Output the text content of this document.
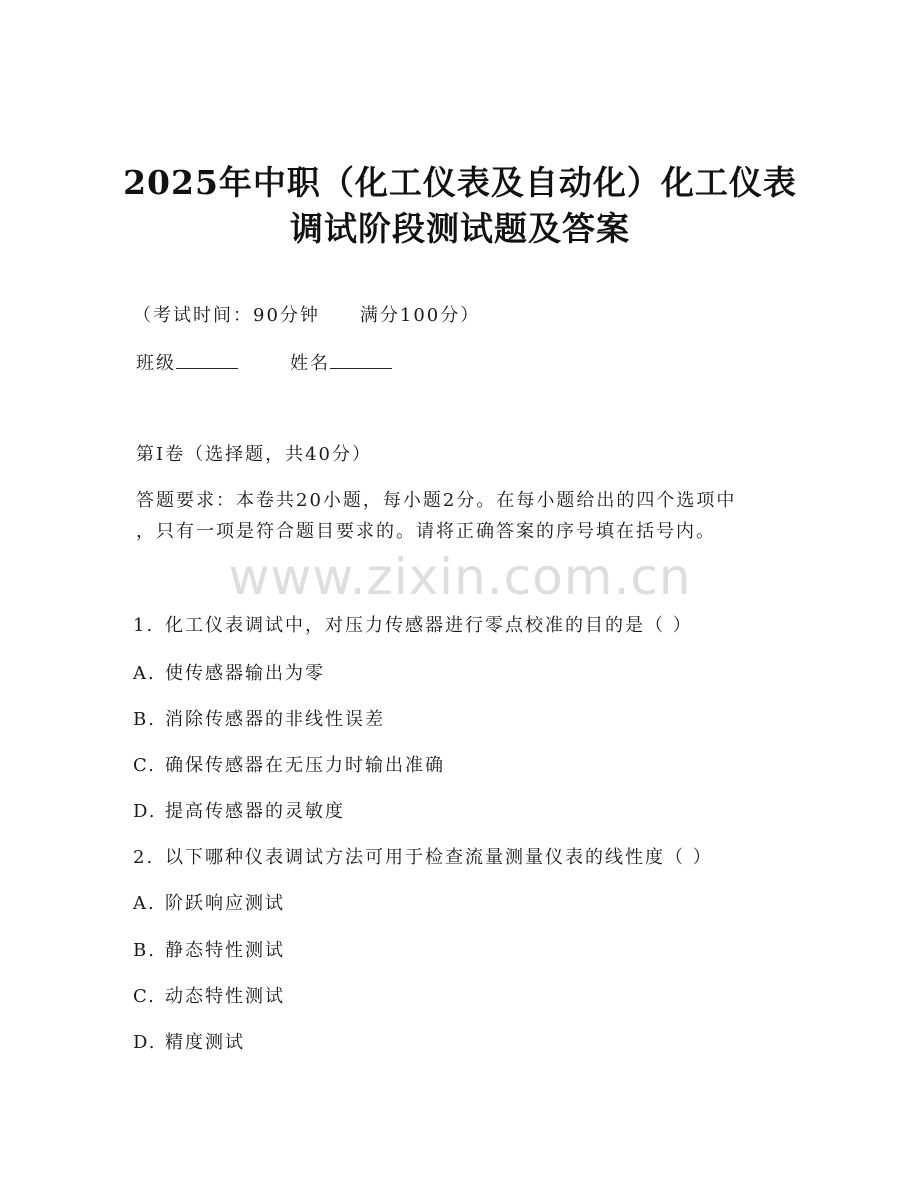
2025年中职（化工仪表及自动化）化工仪表
调试阶段测试题及答案
（考试时间：90分钟 满分100分）
班级	姓名
第Ⅰ卷（选择题，共40分）
答题要求：本卷共20小题，每小题2分。在每小题给出的四个选项中
，只有一项是符合题目要求的。请将正确答案的序号填在括号内。
www.zixin.com.cn
1. 化工仪表调试中，对压力传感器进行零点校准的目的是（ ）
A. 使传感器输出为零
B. 消除传感器的非线性误差
C. 确保传感器在无压力时输出准确
D. 提高传感器的灵敏度
2. 以下哪种仪表调试方法可用于检查流量测量仪表的线性度（ ）
A. 阶跃响应测试
B. 静态特性测试
C. 动态特性测试
D. 精度测试
